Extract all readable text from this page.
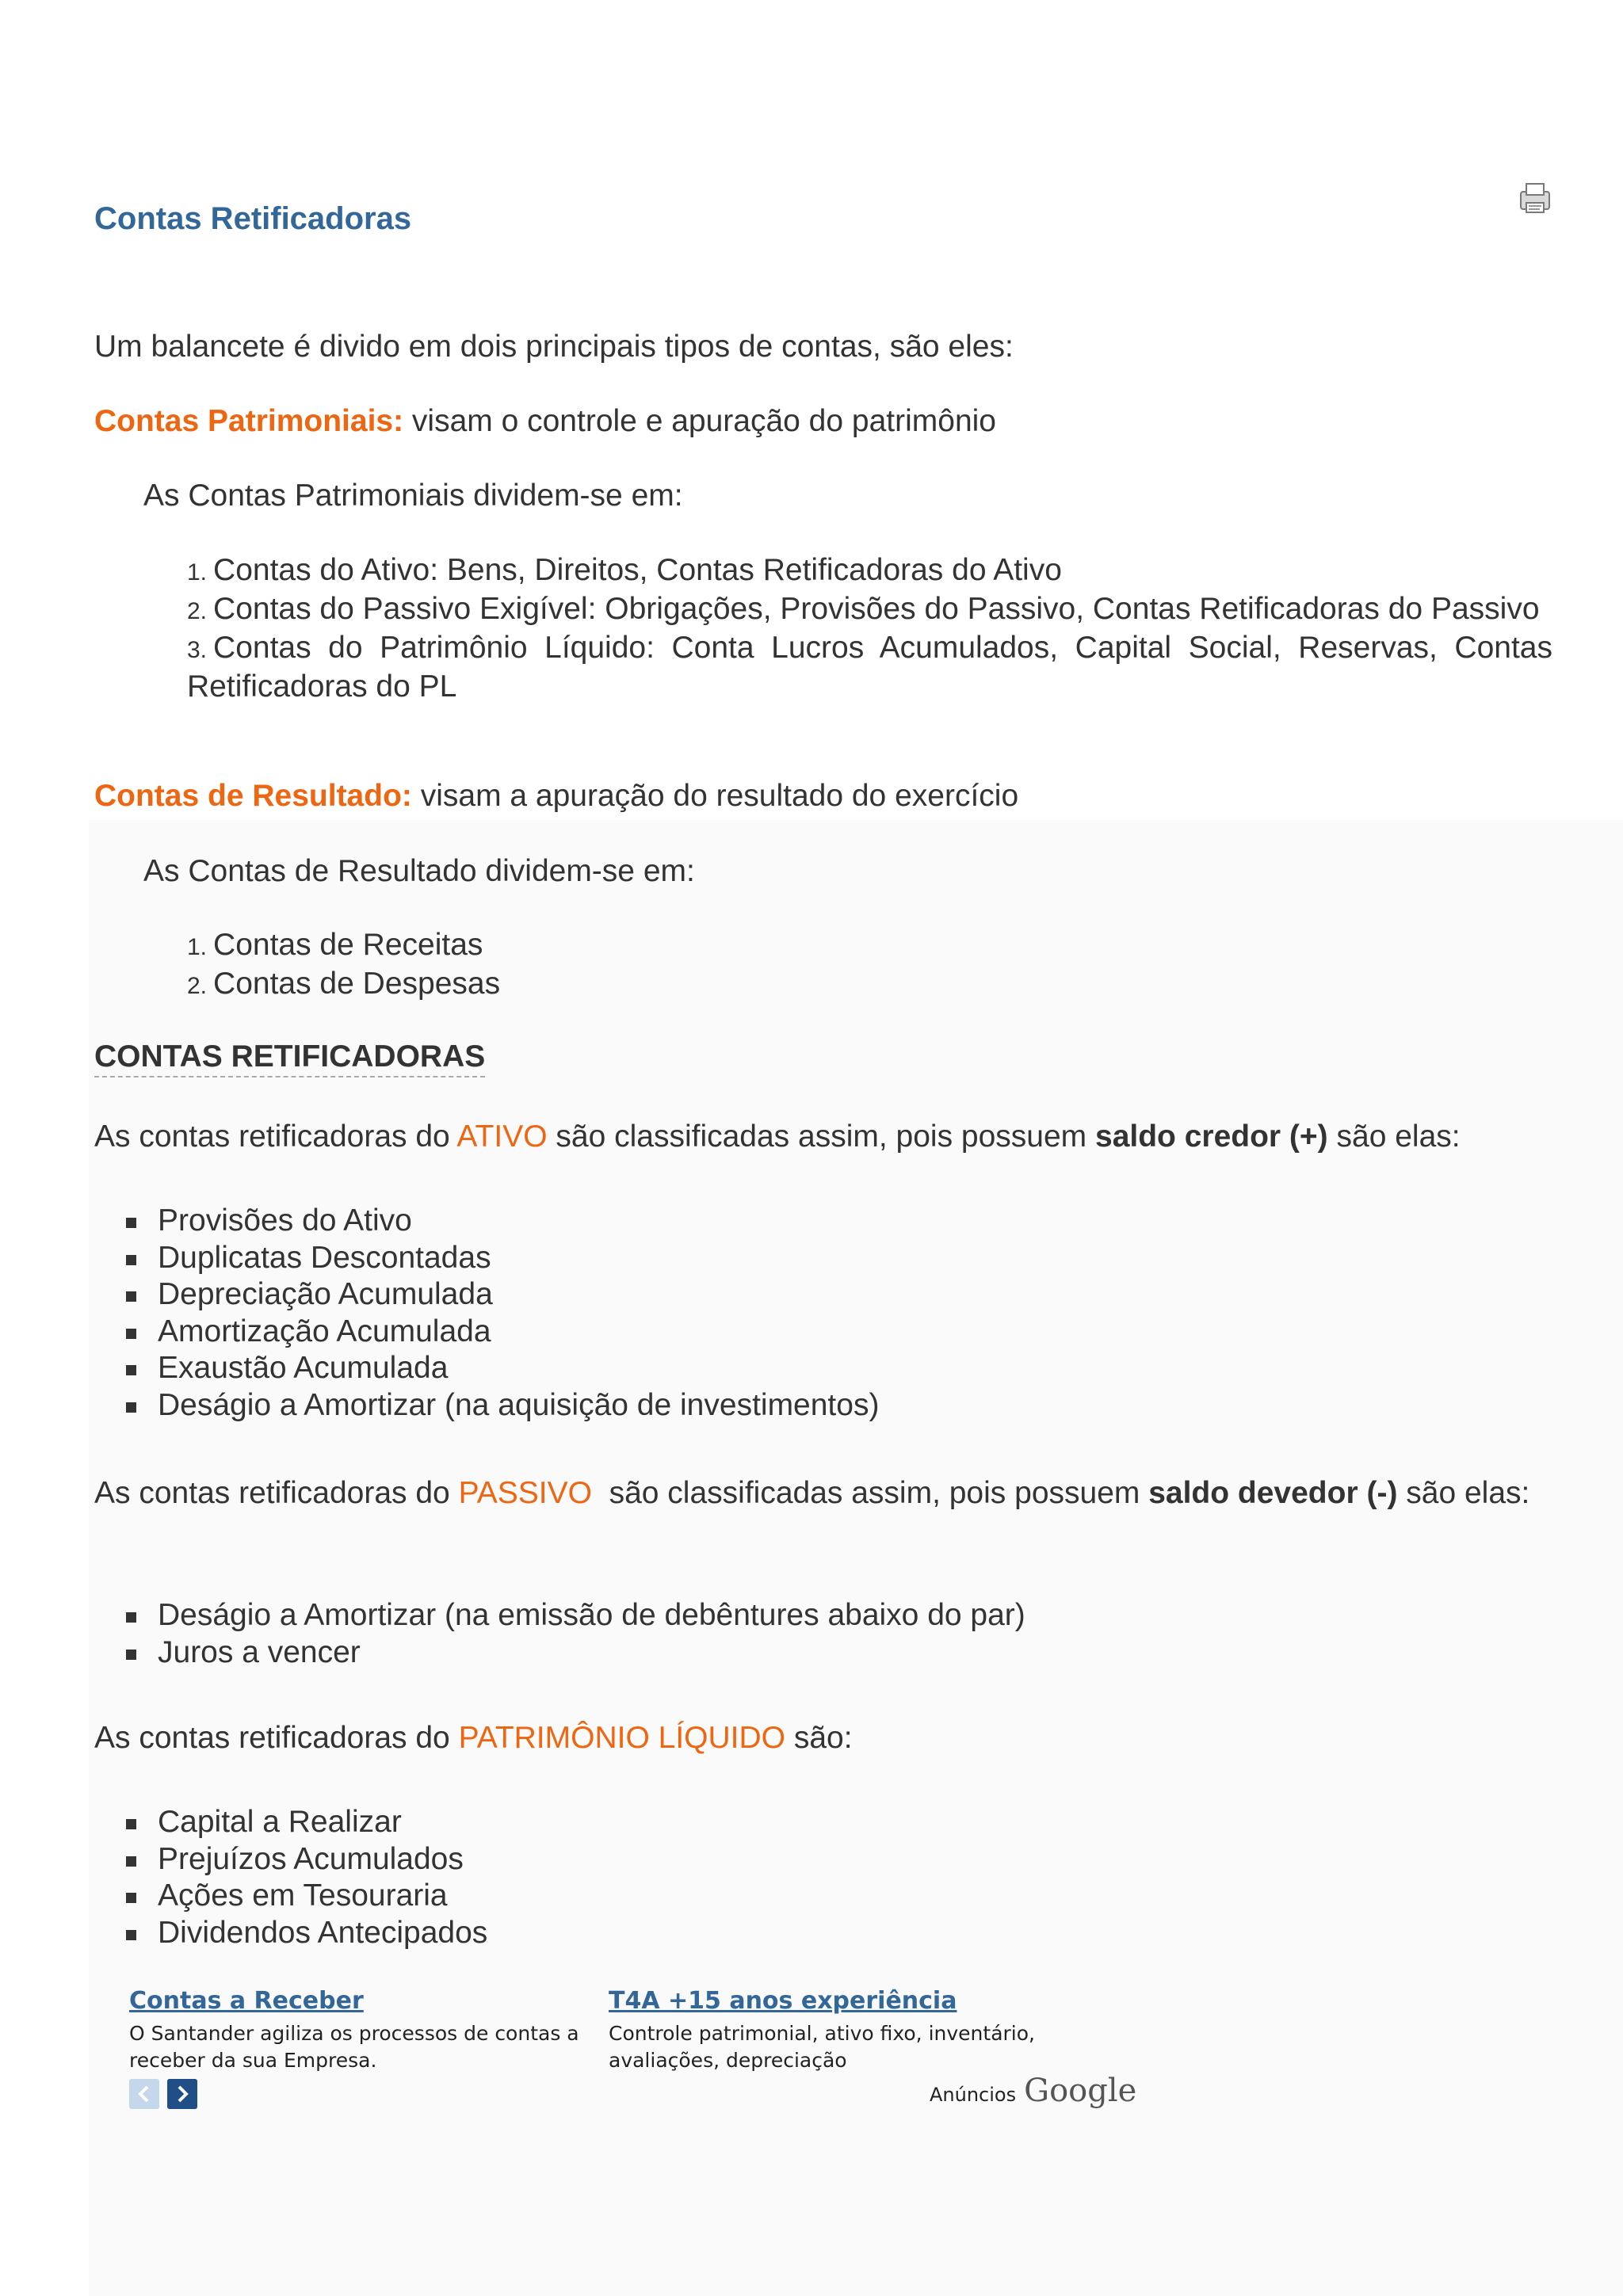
Contas Retificadoras

Um balancete é divido em dois principais tipos de contas, são eles:

Contas Patrimoniais: visam o controle e apuração do patrimônio

As Contas Patrimoniais dividem-se em:

1. Contas do Ativo: Bens, Direitos, Contas Retificadoras do Ativo
2. Contas do Passivo Exigível: Obrigações, Provisões do Passivo, Contas Retificadoras do Passivo
3. Contas do Patrimônio Líquido: Conta Lucros Acumulados, Capital Social, Reservas, Contas Retificadoras do PL

Contas de Resultado: visam a apuração do resultado do exercício

As Contas de Resultado dividem-se em:

1. Contas de Receitas
2. Contas de Despesas
CONTAS RETIFICADORAS

As contas retificadoras do ATIVO são classificadas assim, pois possuem saldo credor (+) são elas:

Provisões do Ativo
Duplicatas Descontadas
Depreciação Acumulada
Amortização Acumulada
Exaustão Acumulada
Deságio a Amortizar (na aquisição de investimentos)

As contas retificadoras do PASSIVO  são classificadas assim, pois possuem saldo devedor (-) são elas:

Deságio a Amortizar (na emissão de debêntures abaixo do par)
Juros a vencer

As contas retificadoras do PATRIMÔNIO LÍQUIDO são:

Capital a Realizar
Prejuízos Acumulados
Ações em Tesouraria
Dividendos Antecipados
Contas a Receber

O Santander agiliza os processos de contas a receber da sua Empresa.

T4A +15 anos experiência

Controle patrimonial, ativo fixo, inventário, avaliações, depreciação

Anúncios Google
